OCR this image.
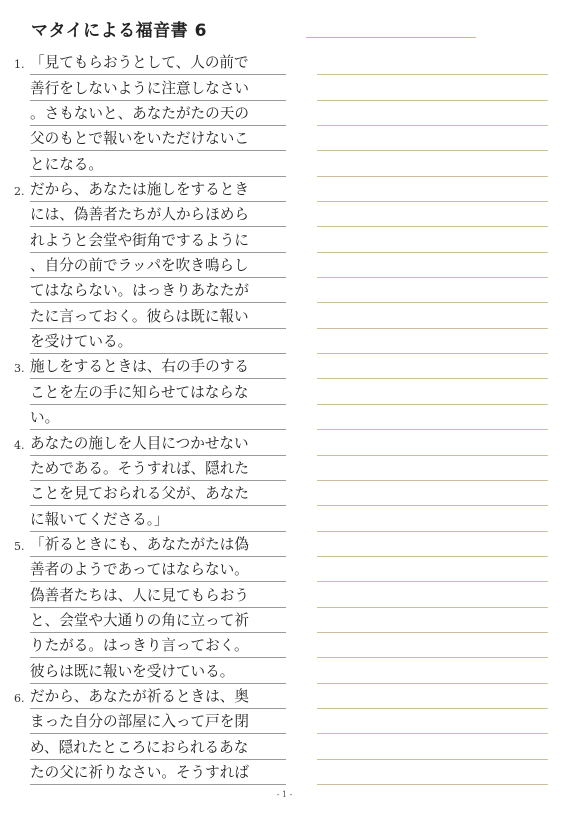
マタイによる福音書 6
1. 「見てもらおうとして、人の前で
善行をしないように注意しなさい
。さもないと、あなたがたの天の
父のもとで報いをいただけないこ
とになる。
2. だから、あなたは施しをするとき
には、偽善者たちが人からほめら
れようと会堂や街角でするように
、自分の前でラッパを吹き鳴らし
てはならない。はっきりあなたが
たに言っておく。彼らは既に報い
を受けている。
3. 施しをするときは、右の手のする
ことを左の手に知らせてはならな
い。
4. あなたの施しを人目につかせない
ためである。そうすれば、隠れた
ことを見ておられる父が、あなた
に報いてくださる。」
5. 「祈るときにも、あなたがたは偽
善者のようであってはならない。
偽善者たちは、人に見てもらおう
と、会堂や大通りの角に立って祈
りたがる。はっきり言っておく。
彼らは既に報いを受けている。
6. だから、あなたが祈るときは、奥
まった自分の部屋に入って戸を閉
め、隠れたところにおられるあな
たの父に祈りなさい。そうすれば
- 1 -
